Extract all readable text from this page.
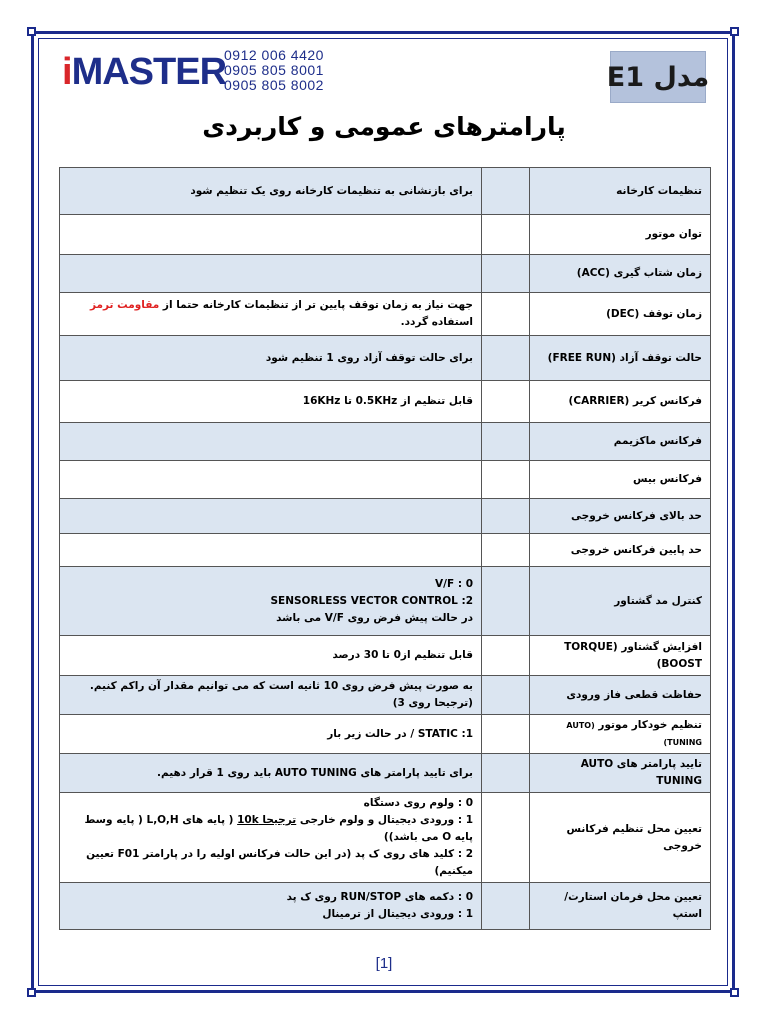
iMASTER
0912 006 4420
0905 805 8001
0905 805 8002	مدل

E1
پارامترهای عمومی و کاربردی
تنظیمات کارخانه		برای بازنشانی به تنظیمات کارخانه روی یک تنظیم شود
توان موتور		
زمان شتاب گیری (ACC)		
زمان توقف (DEC)		جهت نیاز به زمان توقف پایین تر از تنظیمات کارخانه حتما از مقاومت ترمز استفاده گردد.
حالت توقف آزاد (FREE RUN)		برای حالت توقف آزاد روی 1 تنظیم شود
فرکانس کریر (CARRIER)		قابل تنظیم از 0.5KHz تا 16KHz
فرکانس ماکزیمم		
فرکانس بیس		
حد بالای فرکانس خروجی		
حد پایین فرکانس خروجی		
کنترل مد گشتاور		V/F : 0
SENSORLESS VECTOR CONTROL :2
در حالت پیش فرض روی V/F می باشد

افزایش گشتاور (TORQUE BOOST)		قابل تنظیم از0 تا 30 درصد
حفاظت قطعی فاز ورودی		به صورت پیش فرض روی 10 ثانیه است که می توانیم مقدار آن راکم کنیم.(ترجیحا روی 3)
تنظیم خودکار موتور (AUTO TUNING)		1: STATIC / در حالت زیر بار
تایید پارامتر های AUTO TUNING		برای تایید پارامتر های AUTO TUNING باید روی 1 قرار دهیم.
تعیین محل تنظیم فرکانس خروجی		0 : ولوم روی دستگاه
1 : ورودی دیجیتال و ولوم خارجی ترجیحا 10k ( پایه های L,O,H ( پایه وسط پایه O می باشد))
2 : کلید های روی ک پد (در این حالت فرکانس اولیه را در پارامتر F01 تعیین میکنیم)

تعیین محل فرمان استارت/استپ		0 : دکمه های RUN/STOP روی ک پد
1 : ورودی دیجیتال از ترمینال
[1]
